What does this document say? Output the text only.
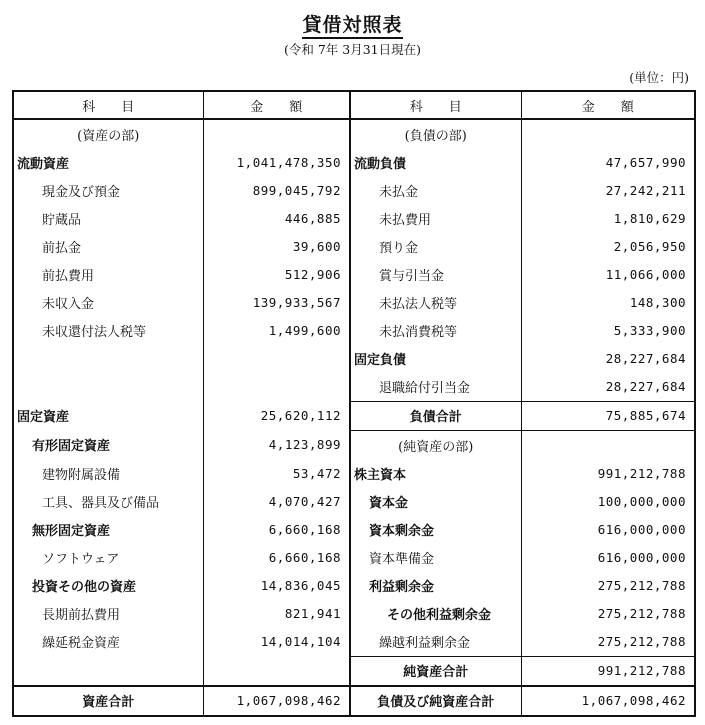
貸借対照表
(令和 7年 3月31日現在)
(単位：円)
科　　目	金　　額	科　　目	金　　額
(資産の部)		(負債の部)	
流動資産	1,041,478,350	流動負債	47,657,990
現金及び預金	899,045,792	未払金	27,242,211
貯蔵品	446,885	未払費用	1,810,629
前払金	39,600	預り金	2,056,950
前払費用	512,906	賞与引当金	11,066,000
未収入金	139,933,567	未払法人税等	148,300
未収還付法人税等	1,499,600	未払消費税等	5,333,900
		固定負債	28,227,684
		退職給付引当金	28,227,684
固定資産	25,620,112	負債合計	75,885,674
有形固定資産	4,123,899	(純資産の部)	
建物附属設備	53,472	株主資本	991,212,788
工具、器具及び備品	4,070,427	資本金	100,000,000
無形固定資産	6,660,168	資本剰余金	616,000,000
ソフトウェア	6,660,168	資本準備金	616,000,000
投資その他の資産	14,836,045	利益剰余金	275,212,788
長期前払費用	821,941	その他利益剰余金	275,212,788
繰延税金資産	14,014,104	繰越利益剰余金	275,212,788
		純資産合計	991,212,788
資産合計	1,067,098,462	負債及び純資産合計	1,067,098,462
